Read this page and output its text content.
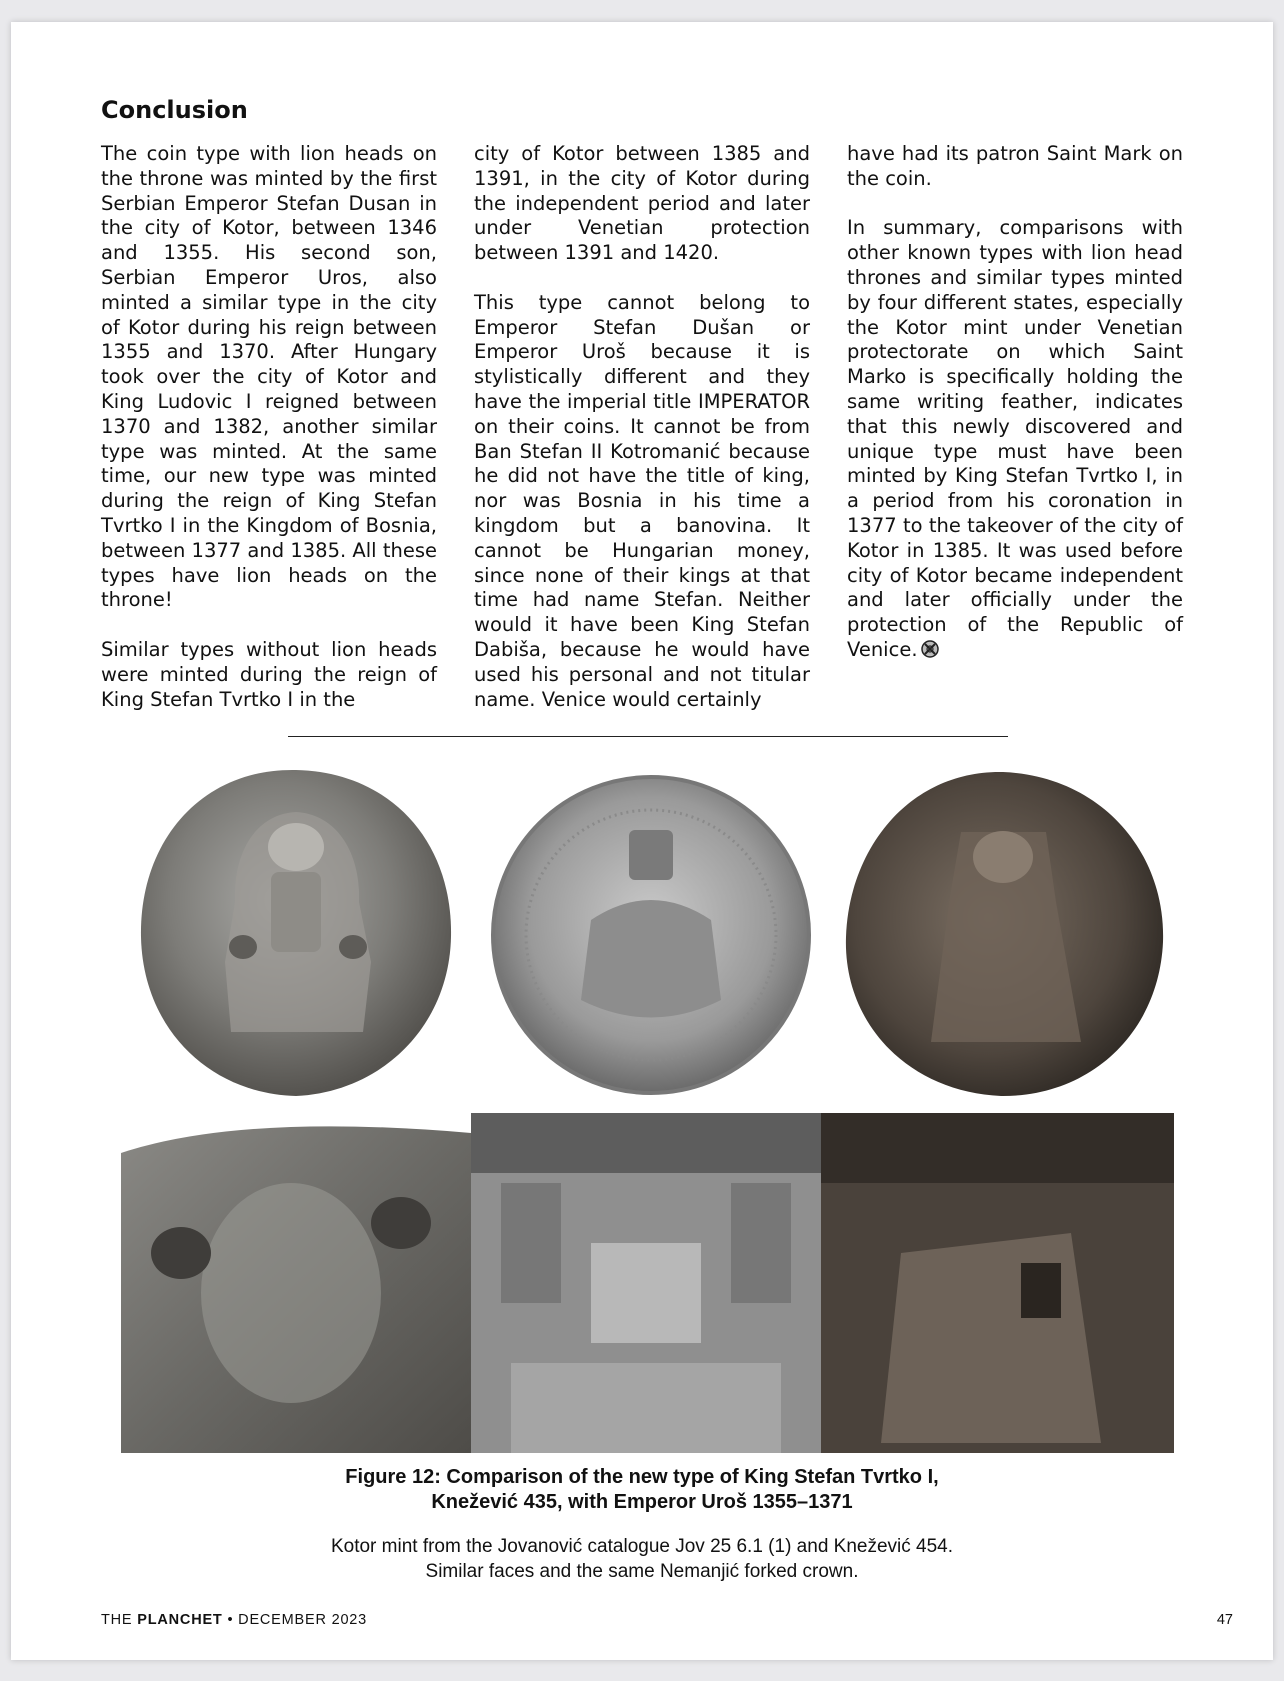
Conclusion

The coin type with lion heads on the throne was minted by the first Serbian Emperor Stefan Dusan in the city of Kotor, between 1346 and 1355. His second son, Serbian Emperor Uros, also minted a similar type in the city of Kotor during his reign between 1355 and 1370. After Hungary took over the city of Kotor and King Ludovic I reigned between 1370 and 1382, another similar type was minted. At the same time, our new type was minted during the reign of King Stefan Tvrtko I in the Kingdom of Bosnia, between 1377 and 1385. All these types have lion heads on the throne!

Similar types without lion heads were minted during the reign of King Stefan Tvrtko I in the

city of Kotor between 1385 and 1391, in the city of Kotor during the independent period and later under Venetian protection between 1391 and 1420.

This type cannot belong to Emperor Stefan Dušan or Emperor Uroš because it is stylistically different and they have the imperial title IMPERATOR on their coins. It cannot be from Ban Stefan II Kotromanić because he did not have the title of king, nor was Bosnia in his time a kingdom but a banovina. It cannot be Hungarian money, since none of their kings at that time had name Stefan. Neither would it have been King Stefan Dabiša, because he would have used his personal and not titular name. Venice would certainly

have had its patron Saint Mark on the coin.

In summary, comparisons with other known types with lion head thrones and similar types minted by four different states, especially the Kotor mint under Venetian protectorate on which Saint Marko is specifically holding the same writing feather, indicates that this newly discovered and unique type must have been minted by King Stefan Tvrtko I, in a period from his coronation in 1377 to the takeover of the city of Kotor in 1385. It was used before city of Kotor became independent and later officially under the protection of the Republic of Venice.

Figure 12: Comparison of the new type of King Stefan Tvrtko I,
Knežević 435, with Emperor Uroš 1355–1371
Kotor mint from the Jovanović catalogue Jov 25 6.1 (1) and Knežević 454.
Similar faces and the same Nemanjić forked crown.
THE PLANCHET • DECEMBER 2023	47
